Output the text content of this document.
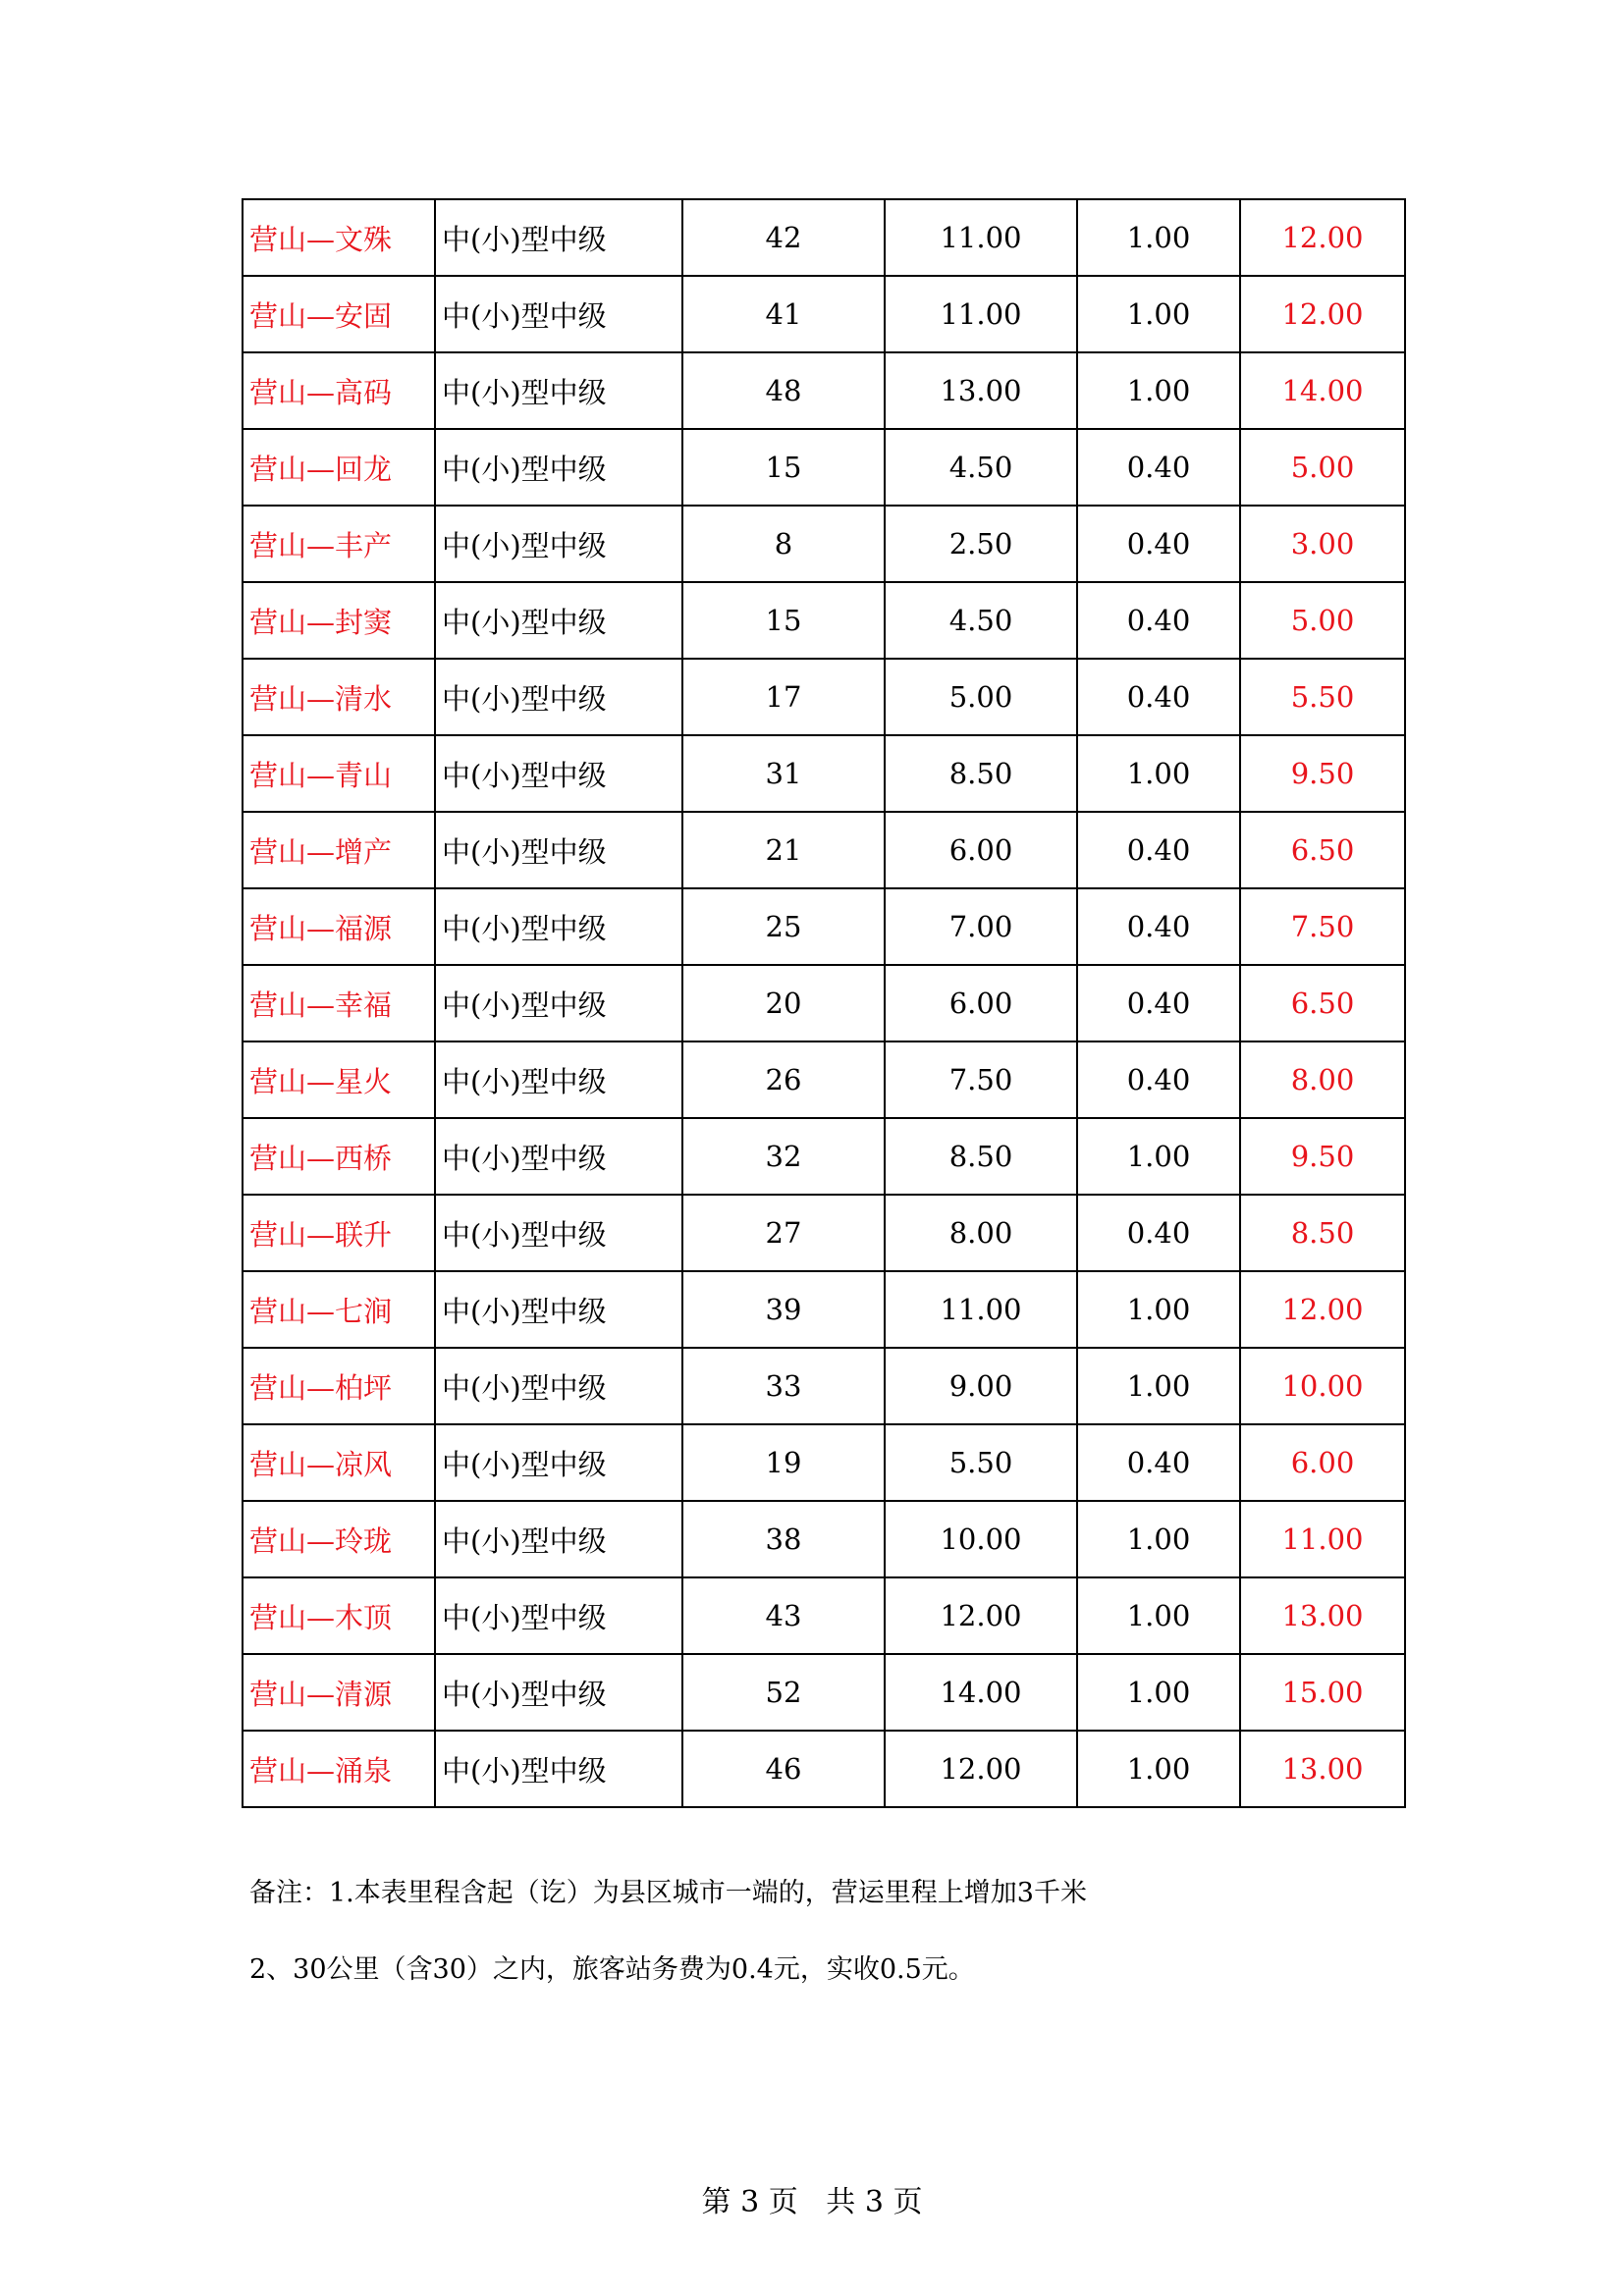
营山—文殊	中(小)型中级	42	11.00	1.00	12.00
营山—安固	中(小)型中级	41	11.00	1.00	12.00
营山—高码	中(小)型中级	48	13.00	1.00	14.00
营山—回龙	中(小)型中级	15	4.50	0.40	5.00
营山—丰产	中(小)型中级	8	2.50	0.40	3.00
营山—封窦	中(小)型中级	15	4.50	0.40	5.00
营山—清水	中(小)型中级	17	5.00	0.40	5.50
营山—青山	中(小)型中级	31	8.50	1.00	9.50
营山—增产	中(小)型中级	21	6.00	0.40	6.50
营山—福源	中(小)型中级	25	7.00	0.40	7.50
营山—幸福	中(小)型中级	20	6.00	0.40	6.50
营山—星火	中(小)型中级	26	7.50	0.40	8.00
营山—西桥	中(小)型中级	32	8.50	1.00	9.50
营山—联升	中(小)型中级	27	8.00	0.40	8.50
营山—七涧	中(小)型中级	39	11.00	1.00	12.00
营山—柏坪	中(小)型中级	33	9.00	1.00	10.00
营山—凉风	中(小)型中级	19	5.50	0.40	6.00
营山—玲珑	中(小)型中级	38	10.00	1.00	11.00
营山—木顶	中(小)型中级	43	12.00	1.00	13.00
营山—清源	中(小)型中级	52	14.00	1.00	15.00
营山—涌泉	中(小)型中级	46	12.00	1.00	13.00
备注：1.本表里程含起（讫）为县区城市一端的，营运里程上增加3千米
2、30公里（含30）之内，旅客站务费为0.4元，实收0.5元。
第 3 页   共 3 页
